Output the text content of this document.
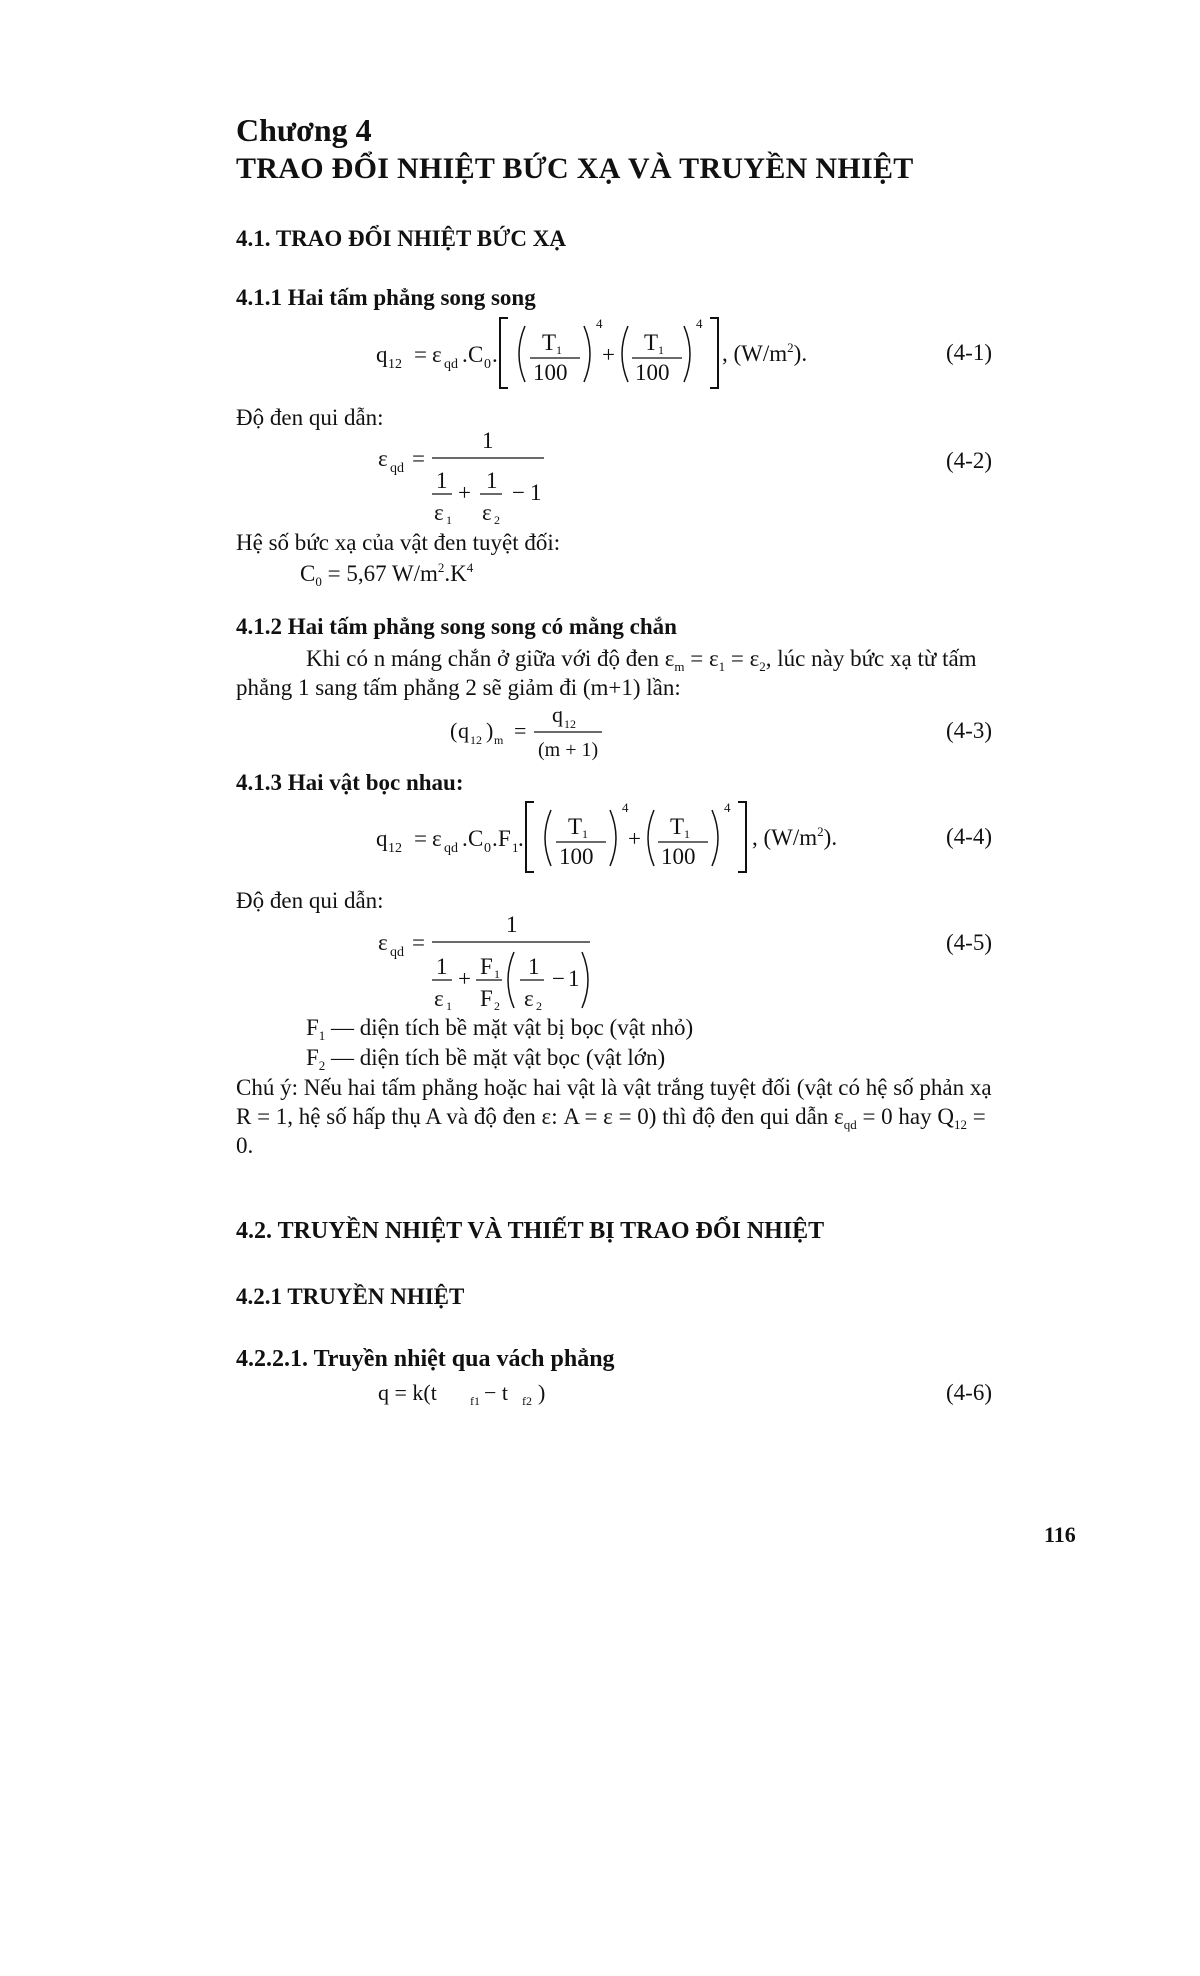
Chương 4
TRAO ĐỔI NHIỆT BỨC XẠ VÀ TRUYỀN NHIỆT
4.1. TRAO ĐỔI NHIỆT BỨC XẠ
4.1.1 Hai tấm phẳng song song
q 12 = ε qd . C 0 . T 1
100
4
+ T 1
100
4
, $(W/m^2)$.	(4-1)
Độ đen qui dẫn:
ε qd =
1
1
ε 1
+ 1
ε 2
− 1
(4-2)
Hệ số bức xạ của vật đen tuyệt đối:
$C_0 = 5,67$ $W/m^2.K^4$
4.1.2 Hai tấm phẳng song song có mằng chắn
Khi có n máng chắn ở giữa với độ đen $\varepsilon_m = \varepsilon_1 = \varepsilon_2$, lúc này bức xạ từ tấm
phẳng 1 sang tấm phẳng 2 sẽ giảm đi (m+1) lần:
( q 12 ) m =
q 12
(m + 1)
(4-3)
4.1.3 Hai vật bọc nhau:
q 12 = ε qd . C 0 . F 1 . T 1
100
4
+ T 1
100
4
, $(W/m^2)$.	(4-4)
Độ đen qui dẫn:
ε qd =
1
1
ε 1
+ F 1
F 2
1
ε 2
− 1
(4-5)
$F_1$ — diện tích bề mặt vật bị bọc (vật nhỏ)
$F_2$ — diện tích bề mặt vật bọc (vật lớn)
Chú ý: Nếu hai tấm phẳng hoặc hai vật là vật trắng tuyệt đối (vật có hệ số phản xạ
R = 1, hệ số hấp thụ A và độ đen ε: A = ε = 0) thì độ đen qui dẫn $\varepsilon_{qd} = 0$ hay $Q_{12}$ =
0.
4.2. TRUYỀN NHIỆT VÀ THIẾT BỊ TRAO ĐỔI NHIỆT
4.2.1 TRUYỀN NHIỆT
4.2.2.1. Truyền nhiệt qua vách phẳng
q = k(t	f1 − t f2 )	(4-6)
116
